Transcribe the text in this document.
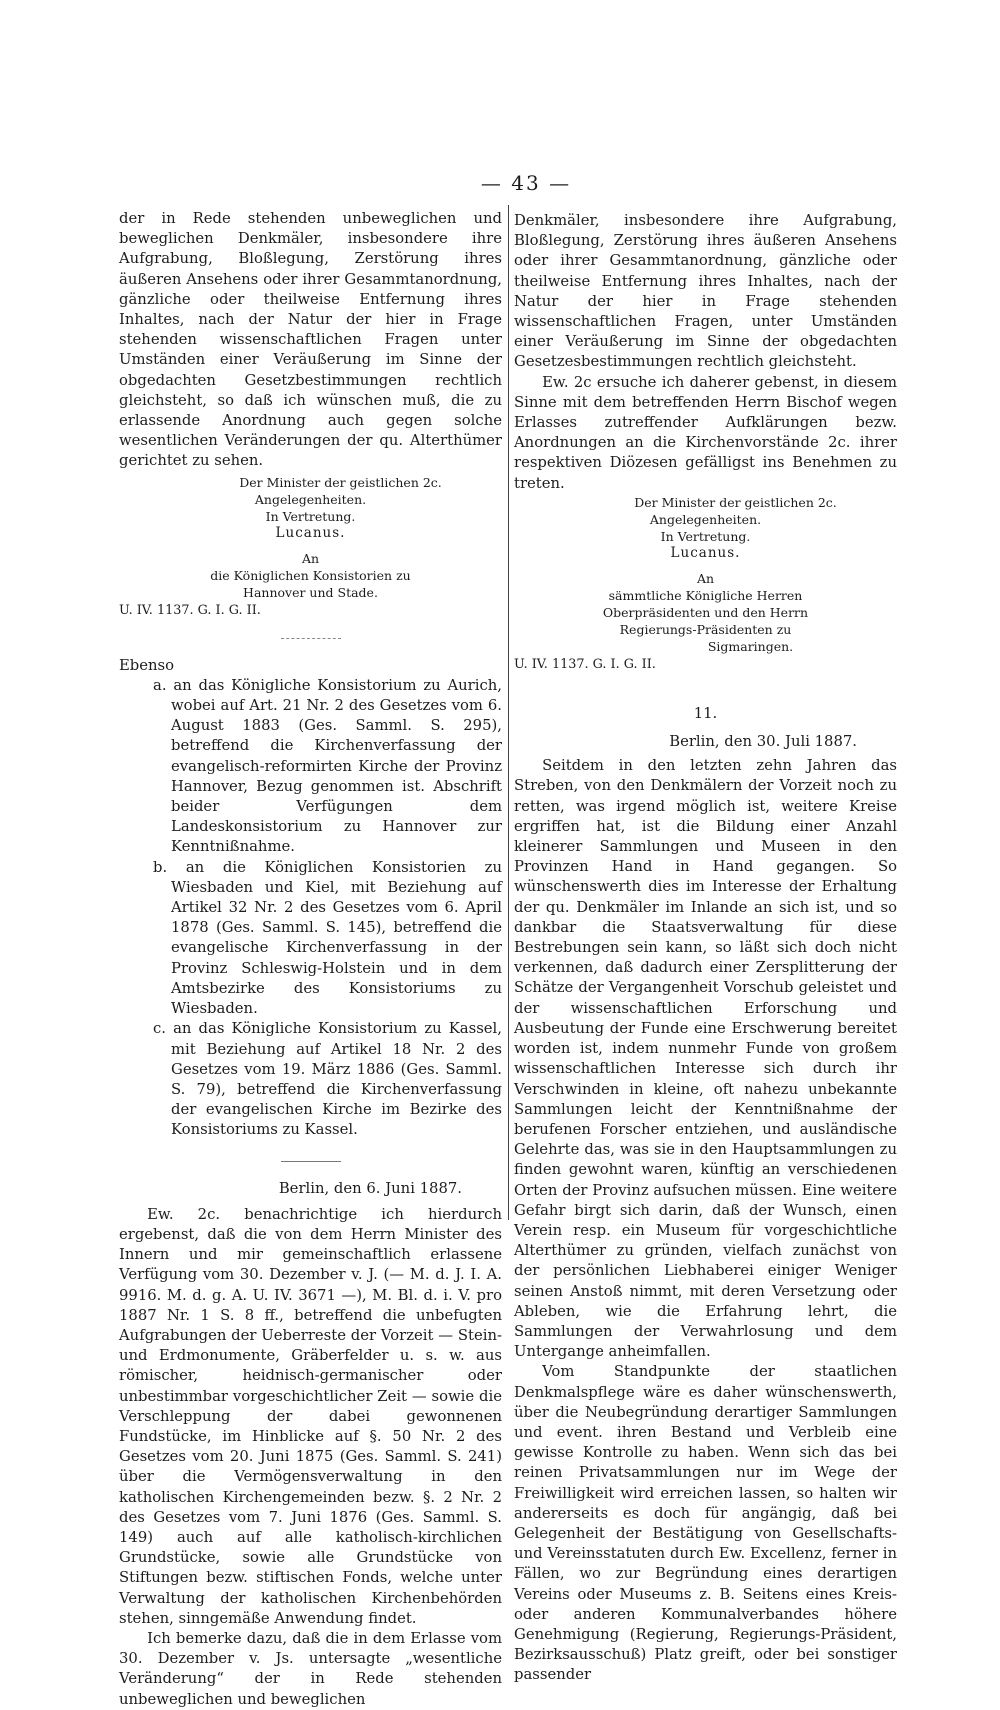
— 43 —

der in Rede stehenden unbeweglichen und beweglichen Denkmäler, insbesondere ihre Aufgrabung, Bloßlegung, Zerstörung ihres äußeren Ansehens oder ihrer Gesammtanordnung, gänzliche oder theilweise Entfernung ihres Inhaltes, nach der Natur der hier in Frage stehenden wissenschaftlichen Fragen unter Umständen einer Veräußerung im Sinne der obgedachten Gesetzbestimmungen rechtlich gleichsteht, so daß ich wünschen muß, die zu erlassende Anordnung auch gegen solche wesentlichen Veränderungen der qu. Alterthümer gerichtet zu sehen.

Der Minister der geistlichen 2c.
Angelegenheiten.
In Vertretung.
Lucanus.
An
die Königlichen Konsistorien zu
Hannover und Stade.

U. IV. 1137. G. I. G. II.

Ebenso

a. an das Königliche Konsistorium zu Aurich, wobei auf Art. 21 Nr. 2 des Gesetzes vom 6. August 1883 (Ges. Samml. S. 295), betreffend die Kirchenverfassung der evangelisch-reformirten Kirche der Provinz Hannover, Bezug genommen ist. Abschrift beider Verfügungen dem Landeskonsistorium zu Hannover zur Kenntnißnahme.

b. an die Königlichen Konsistorien zu Wiesbaden und Kiel, mit Beziehung auf Artikel 32 Nr. 2 des Gesetzes vom 6. April 1878 (Ges. Samml. S. 145), betreffend die evangelische Kirchenverfassung in der Provinz Schleswig-Holstein und in dem Amtsbezirke des Konsistoriums zu Wiesbaden.

c. an das Königliche Konsistorium zu Kassel, mit Beziehung auf Artikel 18 Nr. 2 des Gesetzes vom 19. März 1886 (Ges. Samml. S. 79), betreffend die Kirchenverfassung der evangelischen Kirche im Bezirke des Konsistoriums zu Kassel.

Berlin, den 6. Juni 1887.

Ew. 2c. benachrichtige ich hierdurch ergebenst, daß die von dem Herrn Minister des Innern und mir gemeinschaftlich erlassene Verfügung vom 30. Dezember v. J. (— M. d. J. I. A. 9916. M. d. g. A. U. IV. 3671 —), M. Bl. d. i. V. pro 1887 Nr. 1 S. 8 ff., betreffend die unbefugten Aufgrabungen der Ueberreste der Vorzeit — Stein- und Erdmonumente, Gräberfelder u. s. w. aus römischer, heidnisch-germanischer oder unbestimmbar vorgeschichtlicher Zeit — sowie die Verschleppung der dabei gewonnenen Fundstücke, im Hinblicke auf §. 50 Nr. 2 des Gesetzes vom 20. Juni 1875 (Ges. Samml. S. 241) über die Vermögensverwaltung in den katholischen Kirchengemeinden bezw. §. 2 Nr. 2 des Gesetzes vom 7. Juni 1876 (Ges. Samml. S. 149) auch auf alle katholisch-kirchlichen Grundstücke, sowie alle Grundstücke von Stiftungen bezw. stiftischen Fonds, welche unter Verwaltung der katholischen Kirchenbehörden stehen, sinngemäße Anwendung findet.

Ich bemerke dazu, daß die in dem Erlasse vom 30. Dezember v. Js. untersagte „wesentliche Veränderung“ der in Rede stehenden unbeweglichen und beweglichen

Denkmäler, insbesondere ihre Aufgrabung, Bloßlegung, Zerstörung ihres äußeren Ansehens oder ihrer Gesammtanordnung, gänzliche oder theilweise Entfernung ihres Inhaltes, nach der Natur der hier in Frage stehenden wissenschaftlichen Fragen, unter Umständen einer Veräußerung im Sinne der obgedachten Gesetzesbestimmungen rechtlich gleichsteht.

Ew. 2c ersuche ich daherer gebenst, in diesem Sinne mit dem betreffenden Herrn Bischof wegen Erlasses zutreffender Aufklärungen bezw. Anordnungen an die Kirchenvorstände 2c. ihrer respektiven Diözesen gefälligst ins Benehmen zu treten.

Der Minister der geistlichen 2c.
Angelegenheiten.
In Vertretung.
Lucanus.
An
sämmtliche Königliche Herren
Oberpräsidenten und den Herrn
Regierungs-Präsidenten zu
Sigmaringen.

U. IV. 1137. G. I. G. II.

11.

Berlin, den 30. Juli 1887.

Seitdem in den letzten zehn Jahren das Streben, von den Denkmälern der Vorzeit noch zu retten, was irgend möglich ist, weitere Kreise ergriffen hat, ist die Bildung einer Anzahl kleinerer Sammlungen und Museen in den Provinzen Hand in Hand gegangen. So wünschenswerth dies im Interesse der Erhaltung der qu. Denkmäler im Inlande an sich ist, und so dankbar die Staatsverwaltung für diese Bestrebungen sein kann, so läßt sich doch nicht verkennen, daß dadurch einer Zersplitterung der Schätze der Vergangenheit Vorschub geleistet und der wissenschaftlichen Erforschung und Ausbeutung der Funde eine Erschwerung bereitet worden ist, indem nunmehr Funde von großem wissenschaftlichen Interesse sich durch ihr Verschwinden in kleine, oft nahezu unbekannte Sammlungen leicht der Kenntnißnahme der berufenen Forscher entziehen, und ausländische Gelehrte das, was sie in den Hauptsammlungen zu finden gewohnt waren, künftig an verschiedenen Orten der Provinz aufsuchen müssen. Eine weitere Gefahr birgt sich darin, daß der Wunsch, einen Verein resp. ein Museum für vorgeschichtliche Alterthümer zu gründen, vielfach zunächst von der persönlichen Liebhaberei einiger Weniger seinen Anstoß nimmt, mit deren Versetzung oder Ableben, wie die Erfahrung lehrt, die Sammlungen der Verwahrlosung und dem Untergange anheimfallen.

Vom Standpunkte der staatlichen Denkmalspflege wäre es daher wünschenswerth, über die Neubegründung derartiger Sammlungen und event. ihren Bestand und Verbleib eine gewisse Kontrolle zu haben. Wenn sich das bei reinen Privatsammlungen nur im Wege der Freiwilligkeit wird erreichen lassen, so halten wir andererseits es doch für angängig, daß bei Gelegenheit der Bestätigung von Gesellschafts- und Vereinsstatuten durch Ew. Excellenz, ferner in Fällen, wo zur Begründung eines derartigen Vereins oder Museums z. B. Seitens eines Kreis- oder anderen Kommunalverbandes höhere Genehmigung (Regierung, Regierungs-Präsident, Bezirksausschuß) Platz greift, oder bei sonstiger passender
